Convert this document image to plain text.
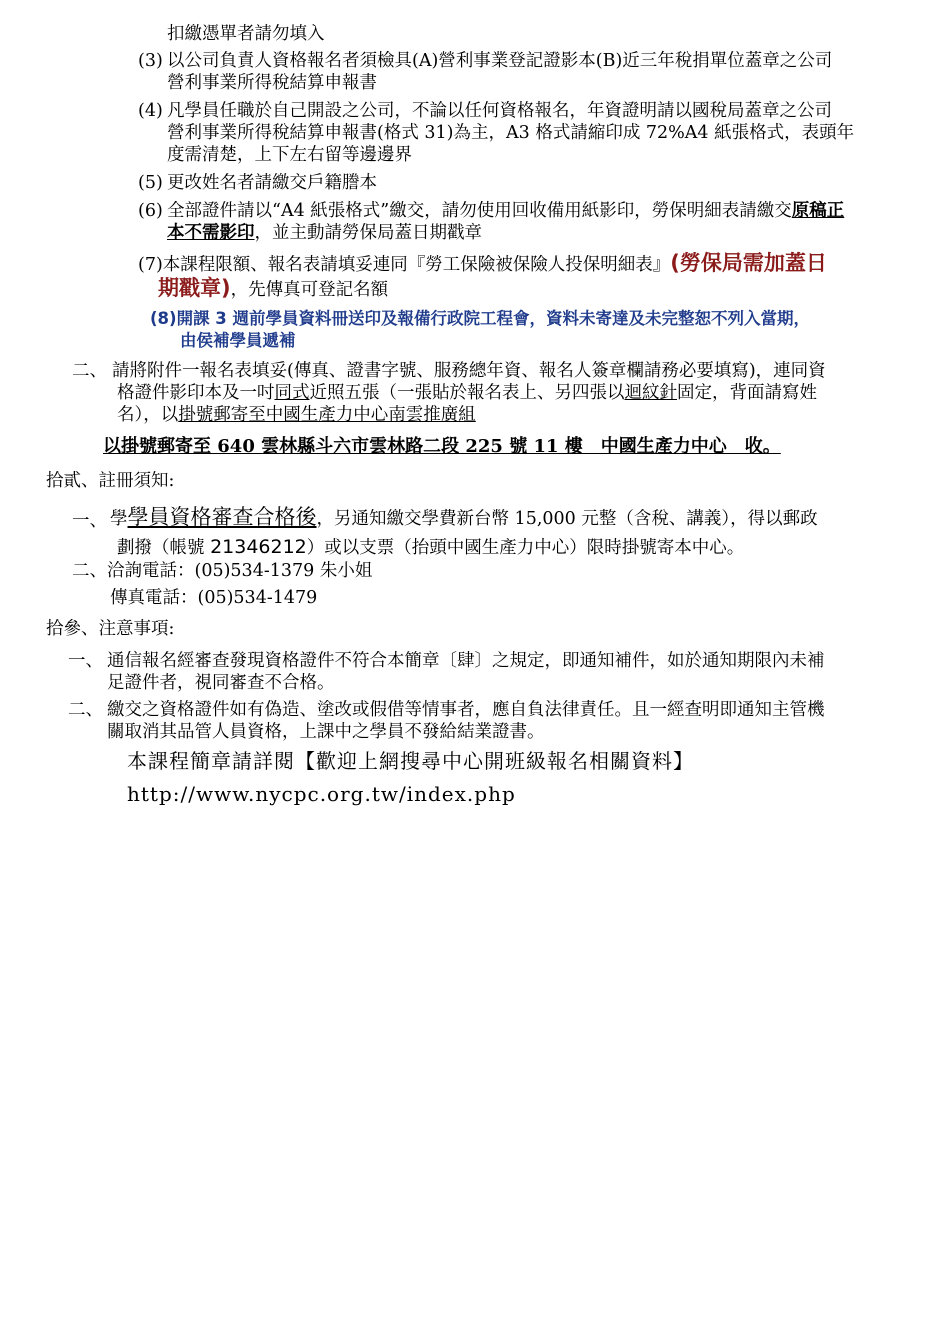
扣繳憑單者請勿填入
(3) 以公司負責人資格報名者須檢具(A)營利事業登記證影本(B)近三年稅捐單位蓋章之公司
營利事業所得稅結算申報書
(4) 凡學員任職於自己開設之公司，不論以任何資格報名，年資證明請以國稅局蓋章之公司
營利事業所得稅結算申報書(格式 31)為主，A3 格式請縮印成 72%A4 紙張格式，表頭年
度需清楚，上下左右留等邊邊界
(5) 更改姓名者請繳交戶籍謄本
(6) 全部證件請以“A4 紙張格式”繳交，請勿使用回收備用紙影印，勞保明細表請繳交原稿正
本不需影印，並主動請勞保局蓋日期戳章
(7)本課程限額、報名表請填妥連同『勞工保險被保險人投保明細表』(勞保局需加蓋日
期戳章)，先傳真可登記名額
(8)開課 3 週前學員資料冊送印及報備行政院工程會，資料未寄達及未完整恕不列入當期，
由侯補學員遞補
二、 請將附件一報名表填妥(傳真、證書字號、服務總年資、報名人簽章欄請務必要填寫)，連同資
格證件影印本及一吋同式近照五張（一張貼於報名表上、另四張以迴紋針固定，背面請寫姓
名），以掛號郵寄至中國生產力中心南雲推廣組
以掛號郵寄至 640 雲林縣斗六市雲林路二段 225 號 11 樓　中國生產力中心　收。
拾貳、註冊須知:
一、 學學員資格審查合格後，另通知繳交學費新台幣 15,000 元整（含稅、講義），得以郵政
劃撥（帳號 21346212）或以支票（抬頭中國生產力中心）限時掛號寄本中心。
二、洽詢電話：(05)534-1379 朱小姐
傳真電話：(05)534-1479
拾參、注意事項:
一、 通信報名經審查發現資格證件不符合本簡章〔肆〕之規定，即通知補件，如於通知期限內未補
足證件者，視同審查不合格。
二、 繳交之資格證件如有偽造、塗改或假借等情事者，應自負法律責任。且一經查明即通知主管機
關取消其品管人員資格，上課中之學員不發給結業證書。
本課程簡章請詳閱【歡迎上網搜尋中心開班級報名相關資料】
http://www.nycpc.org.tw/index.php
